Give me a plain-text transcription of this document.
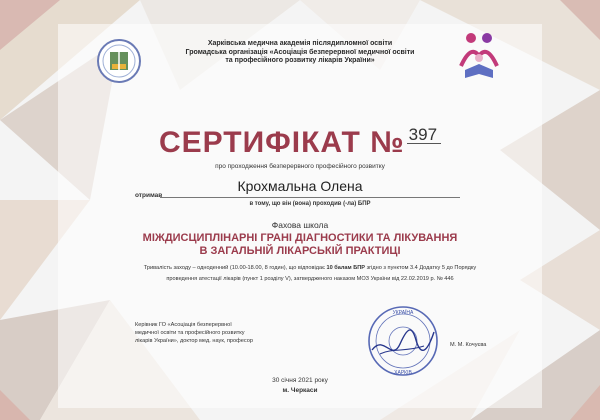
Харківська медична академія післядипломної освіти
Громадська організація «Асоціація безперервної медичної освіти
та професійного розвитку лікарів України»
СЕРТИФІКАТ № 397
про проходження безперервного професійного розвитку
отримав
Крохмальна Олена
в тому, що він (вона) проходив (-ла) БПР
Фахова школа
МІЖДИСЦИПЛІНАРНІ ГРАНІ ДІАГНОСТИКИ ТА ЛІКУВАННЯ
В ЗАГАЛЬНІЙ ЛІКАРСЬКІЙ ПРАКТИЦІ
Тривалість заходу – одноденний (10.00-18.00, 8 годин), що відповідає 10 балам БПР згідно з пунктом 3.4 Додатку 5 до Порядку
проведення атестації лікарів (пункт 1 розділу V), затвердженого наказом МОЗ України від 22.02.2019 р. № 446
Керівник ГО «Асоціація безперервної
медичної освіти та професійного розвитку
лікарів України», доктор мед. наук, професор
УКРАЇНА
ХАРКІВ
М. М. Кочуєва
30 січня 2021 року
м. Черкаси
